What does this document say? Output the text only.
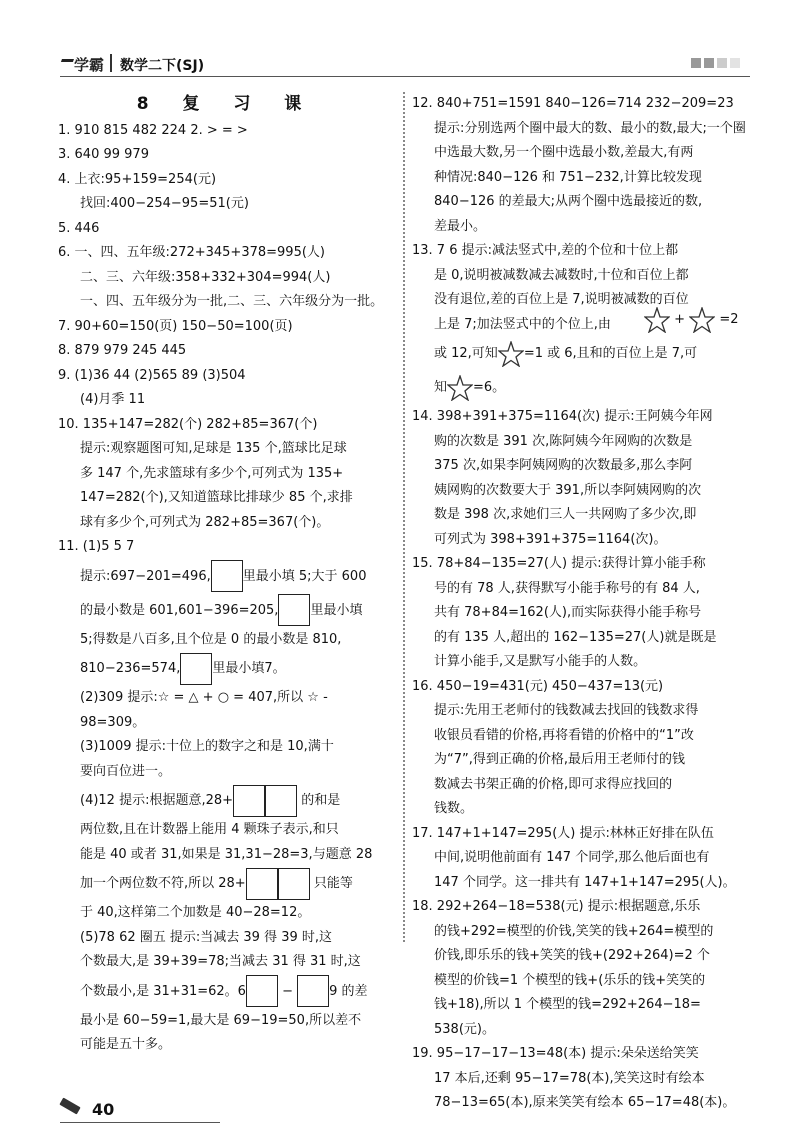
学霸 数学二下(SJ)
8 复 习 课
1. 910 815 482 224 2. > = >
3. 640 99 979
4. 上衣:95+159=254(元)
找回:400−254−95=51(元)
5. 446
6. 一、四、五年级:272+345+378=995(人)
二、三、六年级:358+332+304=994(人)
一、四、五年级分为一批,二、三、六年级分为一批。
7. 90+60=150(页) 150−50=100(页)
8. 879 979 245 445
9. (1)36 44 (2)565 89 (3)504
(4)月季 11
10. 135+147=282(个) 282+85=367(个)
提示:观察题图可知,足球是 135 个,篮球比足球
多 147 个,先求篮球有多少个,可列式为 135+
147=282(个),又知道篮球比排球少 85 个,求排
球有多少个,可列式为 282+85=367(个)。
11. (1)5 5 7
提示:697−201=496, 里最小填 5;大于 600
的最小数是 601,601−396=205, 里最小填
5;得数是八百多,且个位是 0 的最小数是 810,
810−236=574, 里最小填7。
(2)309 提示:☆ = △ + ○ = 407,所以 ☆ -
98=309。
(3)1009 提示:十位上的数字之和是 10,满十
要向百位进一。
(4)12 提示:根据题意,28+	的和是
两位数,且在计数器上能用 4 颗珠子表示,和只
能是 40 或者 31,如果是 31,31−28=3,与题意 28
加一个两位数不符,所以 28+	只能等
于 40,这样第二个加数是 40−28=12。
(5)78 62 圈五 提示:当减去 39 得 39 时,这
个数最大,是 39+39=78;当减去 31 得 31 时,这
个数最小,是 31+31=62。6	−	9 的差
最小是 60−59=1,最大是 69−19=50,所以差不
可能是五十多。
12. 840+751=1591 840−126=714 232−209=23
提示:分别选两个圈中最大的数、最小的数,最大;一个圈
中选最大数,另一个圈中选最小数,差最大,有两
种情况:840−126 和 751−232,计算比较发现
840−126 的差最大;从两个圈中选最接近的数,
差最小。
13. 7 6 提示:减法竖式中,差的个位和十位上都
是 0,说明被减数减去减数时,十位和百位上都
没有退位,差的百位上是 7,说明被减数的百位
上是 7;加法竖式中的个位上,由	+	=2
或 12,可知 =1 或 6,且和的百位上是 7,可
知 =6。
14. 398+391+375=1164(次) 提示:王阿姨今年网
购的次数是 391 次,陈阿姨今年网购的次数是
375 次,如果李阿姨网购的次数最多,那么李阿
姨网购的次数要大于 391,所以李阿姨网购的次
数是 398 次,求她们三人一共网购了多少次,即
可列式为 398+391+375=1164(次)。
15. 78+84−135=27(人) 提示:获得计算小能手称
号的有 78 人,获得默写小能手称号的有 84 人,
共有 78+84=162(人),而实际获得小能手称号
的有 135 人,超出的 162−135=27(人)就是既是
计算小能手,又是默写小能手的人数。
16. 450−19=431(元) 450−437=13(元)
提示:先用王老师付的钱数减去找回的钱数求得
收银员看错的价格,再将看错的价格中的“1”改
为“7”,得到正确的价格,最后用王老师付的钱
数减去书架正确的价格,即可求得应找回的
钱数。
17. 147+1+147=295(人) 提示:林林正好排在队伍
中间,说明他前面有 147 个同学,那么他后面也有
147 个同学。这一排共有 147+1+147=295(人)。
18. 292+264−18=538(元) 提示:根据题意,乐乐
的钱+292=模型的价钱,笑笑的钱+264=模型的
价钱,即乐乐的钱+笑笑的钱+(292+264)=2 个
模型的价钱=1 个模型的钱+(乐乐的钱+笑笑的
钱+18),所以 1 个模型的钱=292+264−18=
538(元)。
19. 95−17−17−13=48(本) 提示:朵朵送给笑笑
17 本后,还剩 95−17=78(本),笑笑这时有绘本
78−13=65(本),原来笑笑有绘本 65−17=48(本)。
40
